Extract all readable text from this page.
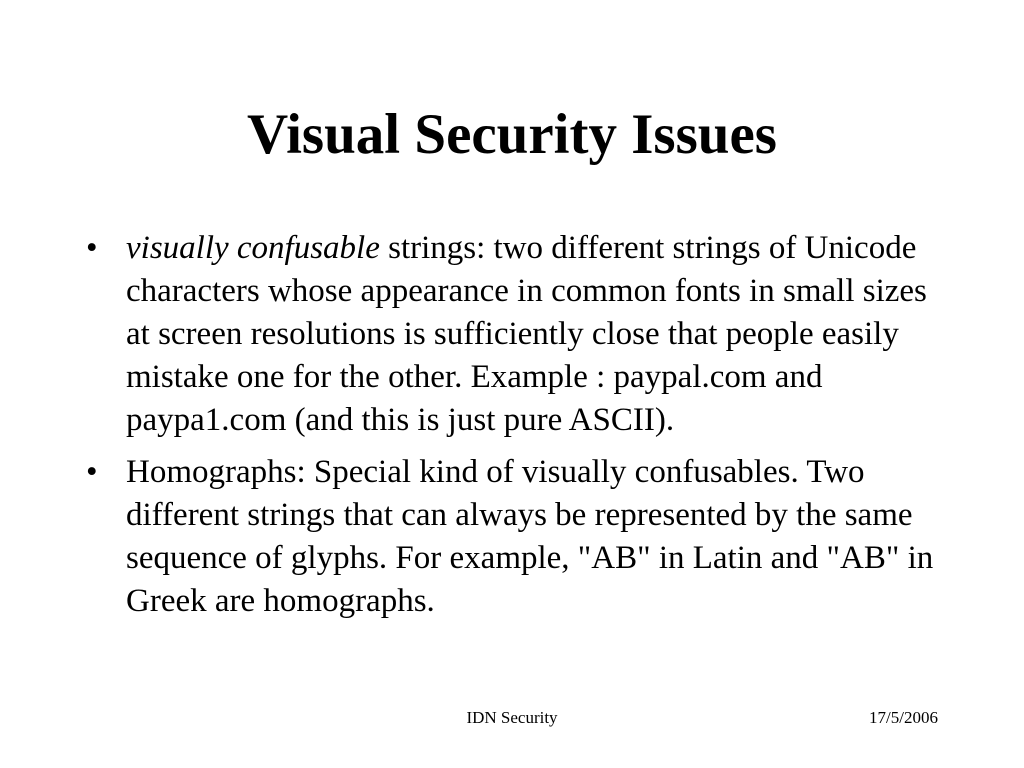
Visual Security Issues
• visually confusable strings: two different strings of Unicode characters whose appearance in common fonts in small sizes at screen resolutions is sufficiently close that people easily mistake one for the other. Example : paypal.com and paypa1.com (and this is just pure ASCII).
• Homographs: Special kind of visually confusables. Two different strings that can always be represented by the same sequence of glyphs. For example, "AB" in Latin and "AB" in Greek are homographs.
IDN Security	17/5/2006
